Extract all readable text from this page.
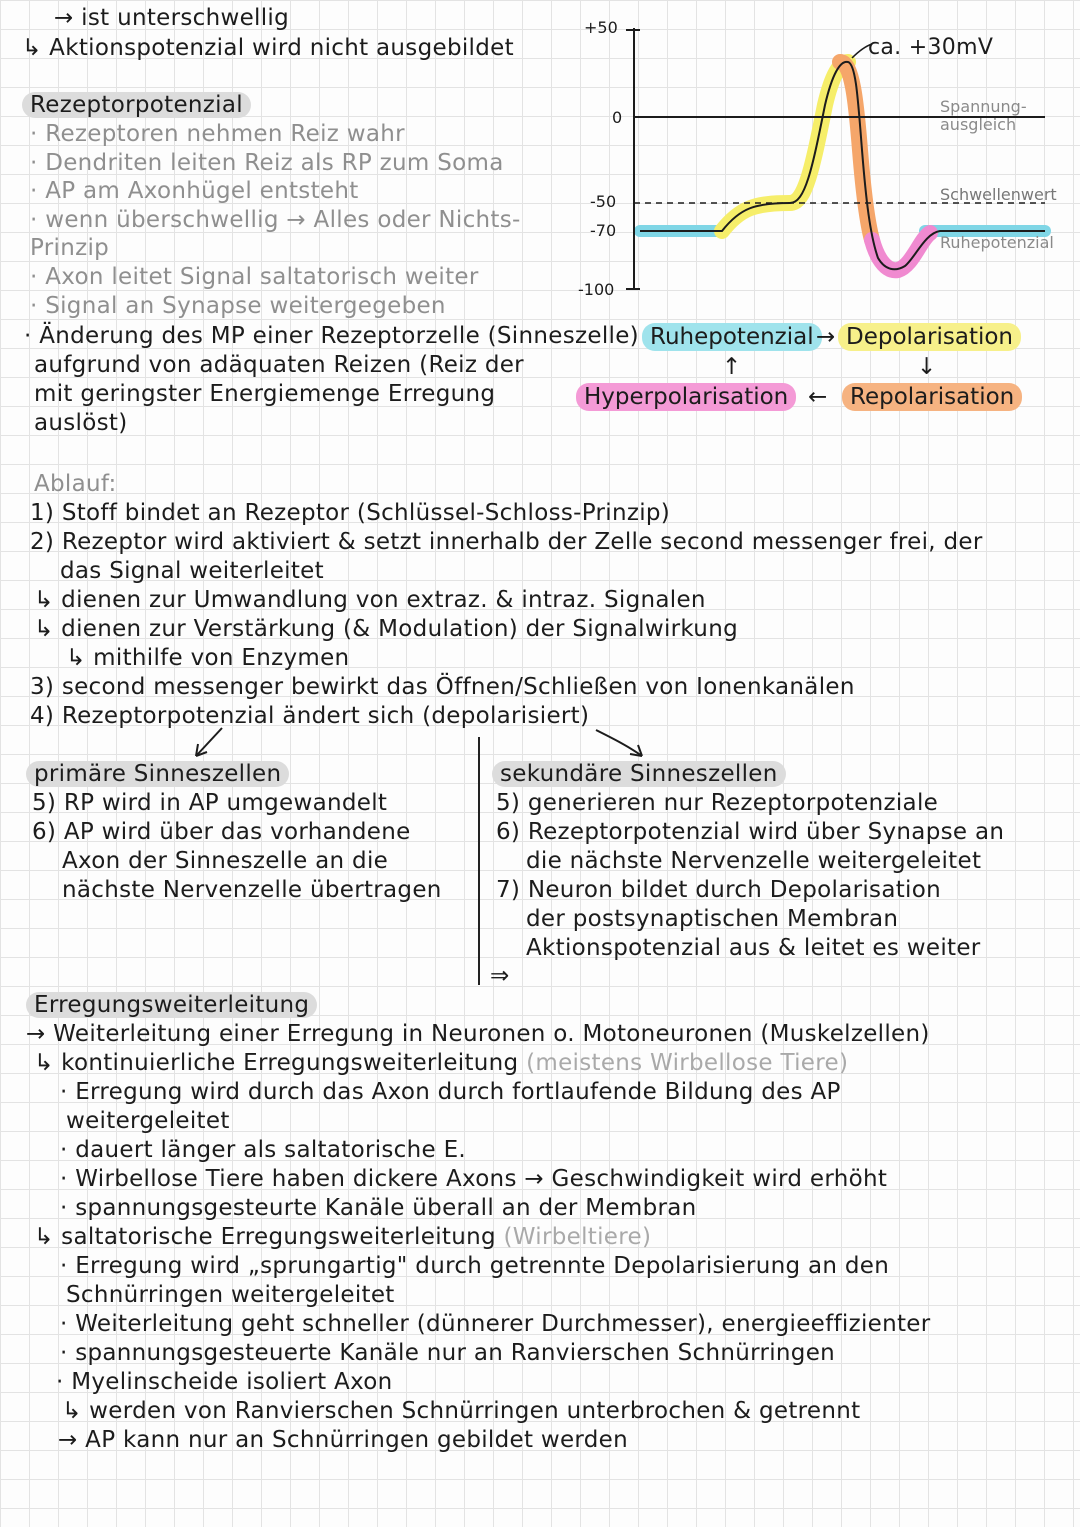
→ ist unterschwellig
↳ Aktionspotenzial wird nicht ausgebildet
Rezeptorpotenzial
· Rezeptoren nehmen Reiz wahr
· Dendriten leiten Reiz als RP zum Soma
· AP am Axonhügel entsteht
· wenn überschwellig → Alles oder Nichts-
Prinzip
· Axon leitet Signal saltatorisch weiter
· Signal an Synapse weitergegeben
· Änderung des MP einer Rezeptorzelle (Sinneszelle)
aufgrund von adäquaten Reizen (Reiz der
mit geringster Energiemenge Erregung
auslöst)
+50
0
-50
-70
-100
ca. +30mV
Spannung-
ausgleich
Schwellenwert
Ruhepotenzial
Ruhepotenzial → Depolarisation
↓
↑
Hyperpolarisation ← Repolarisation
Ablauf:
1) Stoff bindet an Rezeptor (Schlüssel-Schloss-Prinzip)
2) Rezeptor wird aktiviert & setzt innerhalb der Zelle second messenger frei, der
das Signal weiterleitet
↳ dienen zur Umwandlung von extraz. & intraz. Signalen
↳ dienen zur Verstärkung (& Modulation) der Signalwirkung
↳ mithilfe von Enzymen
3) second messenger bewirkt das Öffnen/Schließen von Ionenkanälen
4) Rezeptorpotenzial ändert sich (depolarisiert)
primäre Sinneszellen
5) RP wird in AP umgewandelt
6) AP wird über das vorhandene
Axon der Sinneszelle an die
nächste Nervenzelle übertragen
sekundäre Sinneszellen
5) generieren nur Rezeptorpotenziale
6) Rezeptorpotenzial wird über Synapse an
die nächste Nervenzelle weitergeleitet
7) Neuron bildet durch Depolarisation
der postsynaptischen Membran
Aktionspotenzial aus & leitet es weiter
⇒
Erregungsweiterleitung
→ Weiterleitung einer Erregung in Neuronen o. Motoneuronen (Muskelzellen)
↳ kontinuierliche Erregungsweiterleitung (meistens Wirbellose Tiere)
· Erregung wird durch das Axon durch fortlaufende Bildung des AP
weitergeleitet
· dauert länger als saltatorische E.
· Wirbellose Tiere haben dickere Axons → Geschwindigkeit wird erhöht
· spannungsgesteurte Kanäle überall an der Membran
↳ saltatorische Erregungsweiterleitung (Wirbeltiere)
· Erregung wird „sprungartig" durch getrennte Depolarisierung an den
Schnürringen weitergeleitet
· Weiterleitung geht schneller (dünnerer Durchmesser), energieeffizienter
· spannungsgesteuerte Kanäle nur an Ranvierschen Schnürringen
· Myelinscheide isoliert Axon
↳ werden von Ranvierschen Schnürringen unterbrochen & getrennt
→ AP kann nur an Schnürringen gebildet werden
